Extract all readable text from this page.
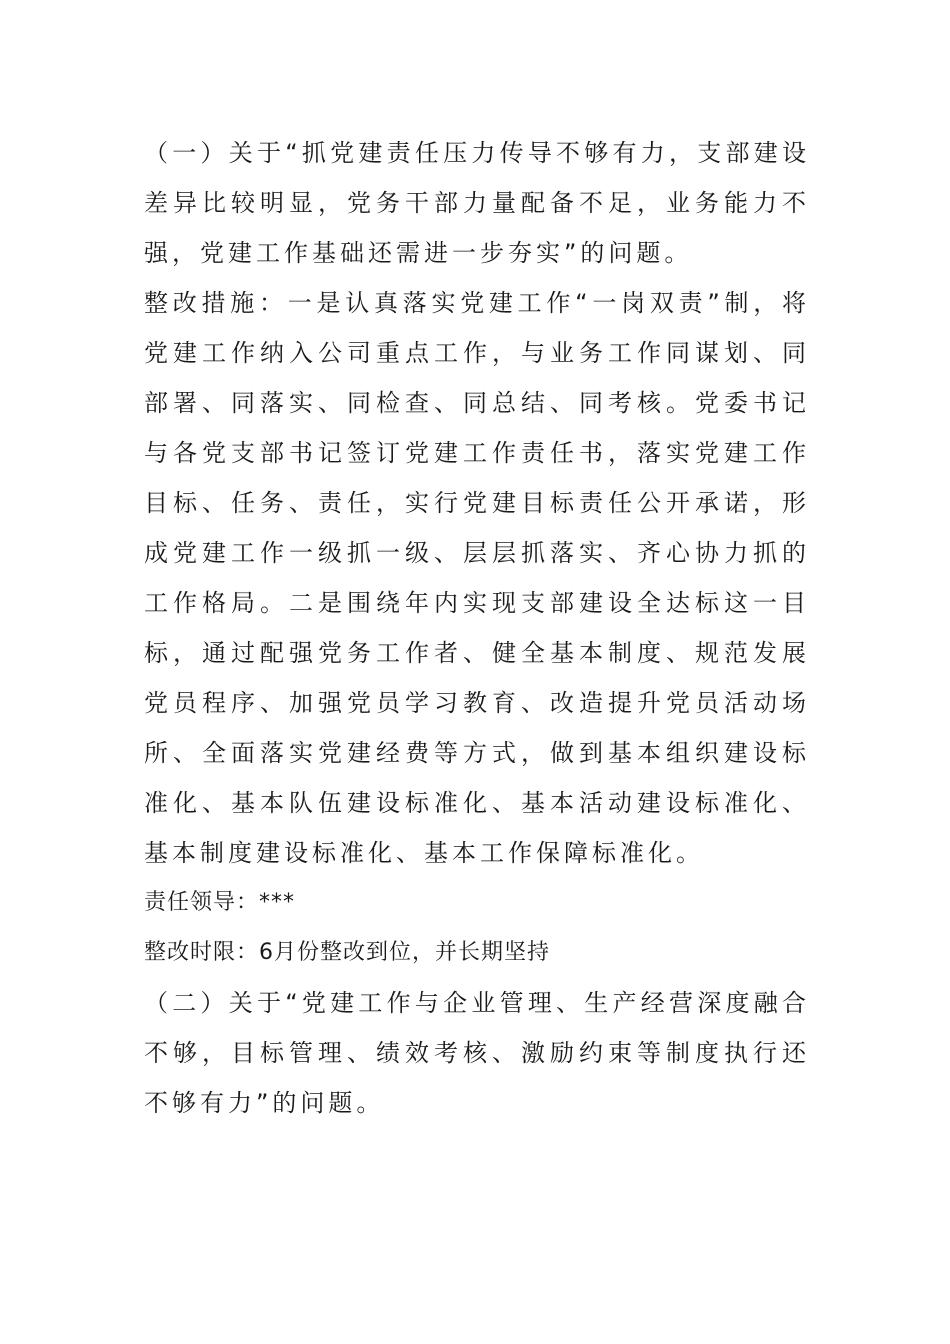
（一）关于“抓党建责任压力传导不够有力，支部建设差异比较明显，党务干部力量配备不足，业务能力不强，党建工作基础还需进一步夯实”的问题。

整改措施：一是认真落实党建工作“一岗双责”制，将党建工作纳入公司重点工作，与业务工作同谋划、同部署、同落实、同检查、同总结、同考核。党委书记与各党支部书记签订党建工作责任书，落实党建工作目标、任务、责任，实行党建目标责任公开承诺，形成党建工作一级抓一级、层层抓落实、齐心协力抓的工作格局。二是围绕年内实现支部建设全达标这一目标，通过配强党务工作者、健全基本制度、规范发展党员程序、加强党员学习教育、改造提升党员活动场所、全面落实党建经费等方式，做到基本组织建设标准化、基本队伍建设标准化、基本活动建设标准化、基本制度建设标准化、基本工作保障标准化。

责任领导：***

整改时限：6月份整改到位，并长期坚持

（二）关于“党建工作与企业管理、生产经营深度融合不够，目标管理、绩效考核、激励约束等制度执行还不够有力”的问题。
